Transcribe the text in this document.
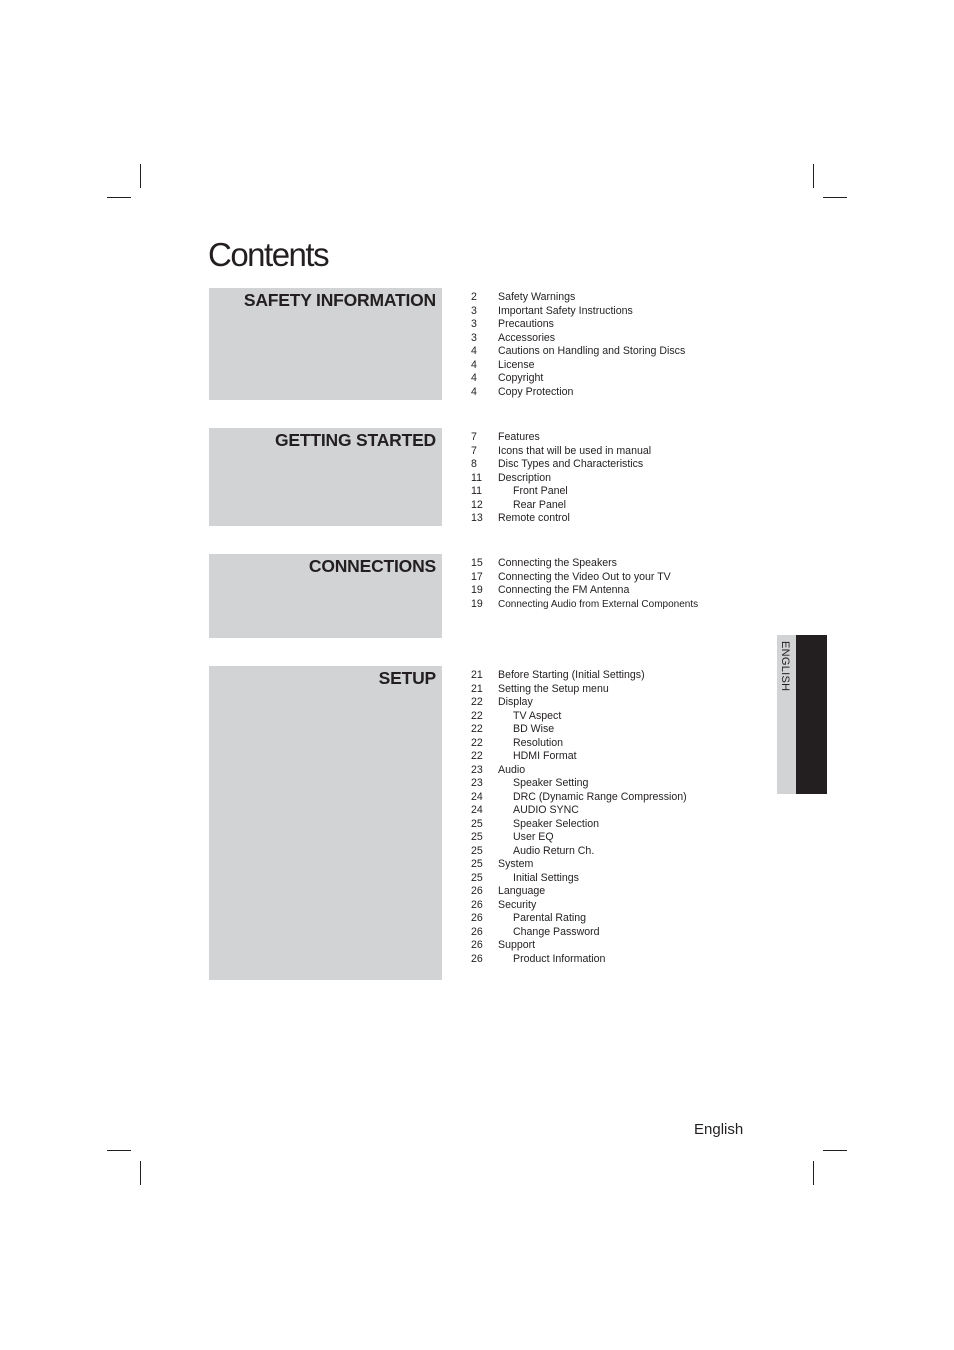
Contents
SAFETY INFORMATION
GETTING STARTED
CONNECTIONS
SETUP
2 Safety Warnings
3 Important Safety Instructions
3 Precautions
3 Accessories
4 Cautions on Handling and Storing Discs
4 License
4 Copyright
4 Copy Protection
7 Features
7 Icons that will be used in manual
8 Disc Types and Characteristics
11 Description
11	Front Panel
12	Rear Panel
13 Remote control
15 Connecting the Speakers
17 Connecting the Video Out to your TV
19 Connecting the FM Antenna
19 Connecting Audio from External Components
21 Before Starting (Initial Settings)
21 Setting the Setup menu
22 Display
22	TV Aspect
22	BD Wise
22	Resolution
22	HDMI Format
23 Audio
23	Speaker Setting
24	DRC (Dynamic Range Compression)
24	AUDIO SYNC
25	Speaker Selection
25	User EQ
25	Audio Return Ch.
25 System
25	Initial Settings
26 Language
26 Security
26	Parental Rating
26	Change Password
26 Support
26	Product Information
ENGLISH
English
